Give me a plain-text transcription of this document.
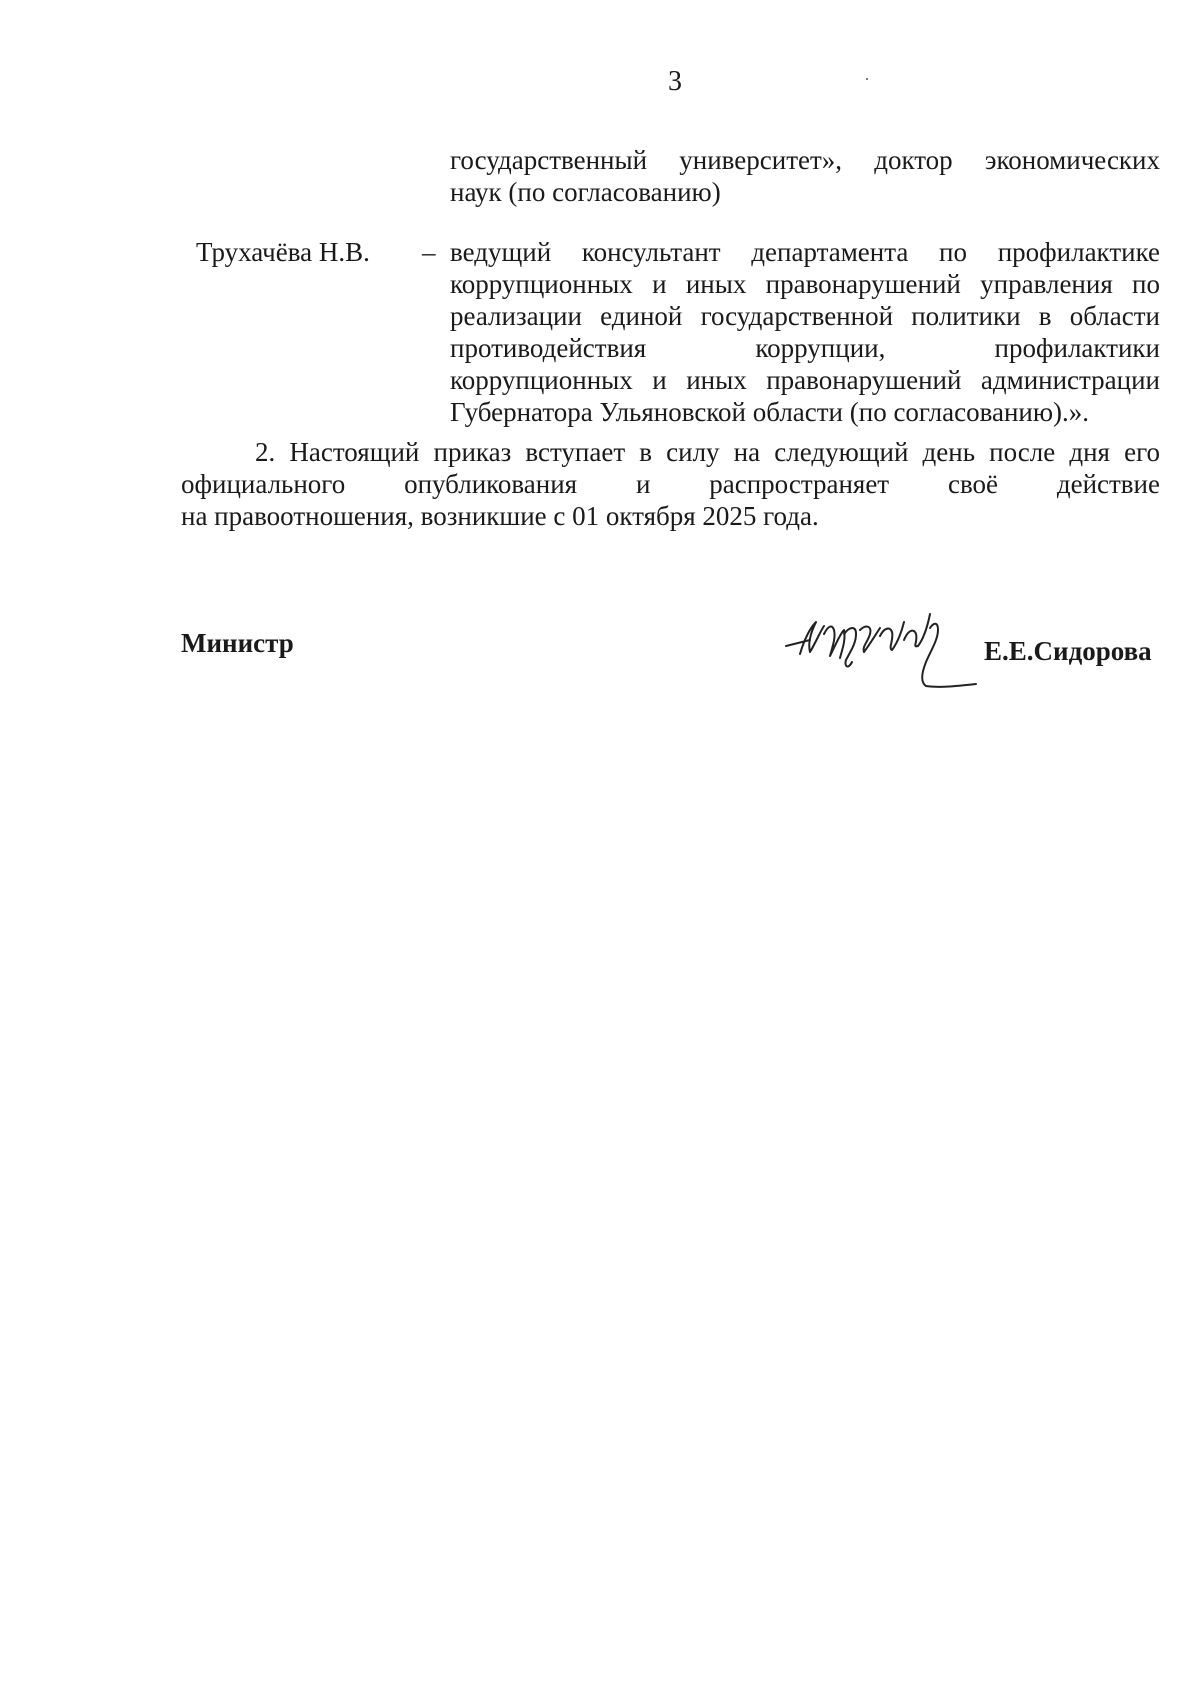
3

государственный университет», доктор экономических

наук (по согласованию)

Трухачёва Н.В. – ведущий консультант департамента по профилактике
коррупционных и иных правонарушений управления по
реализации единой государственной политики в области
противодействия коррупции, профилактики
коррупционных и иных правонарушений администрации
Губернатора Ульяновской области (по согласованию).».
2. Настоящий приказ вступает в силу на следующий день после дня его
официального опубликования и распространяет своё действие
на правоотношения, возникшие с 01 октября 2025 года.
Министр	Е.Е.Сидорова
